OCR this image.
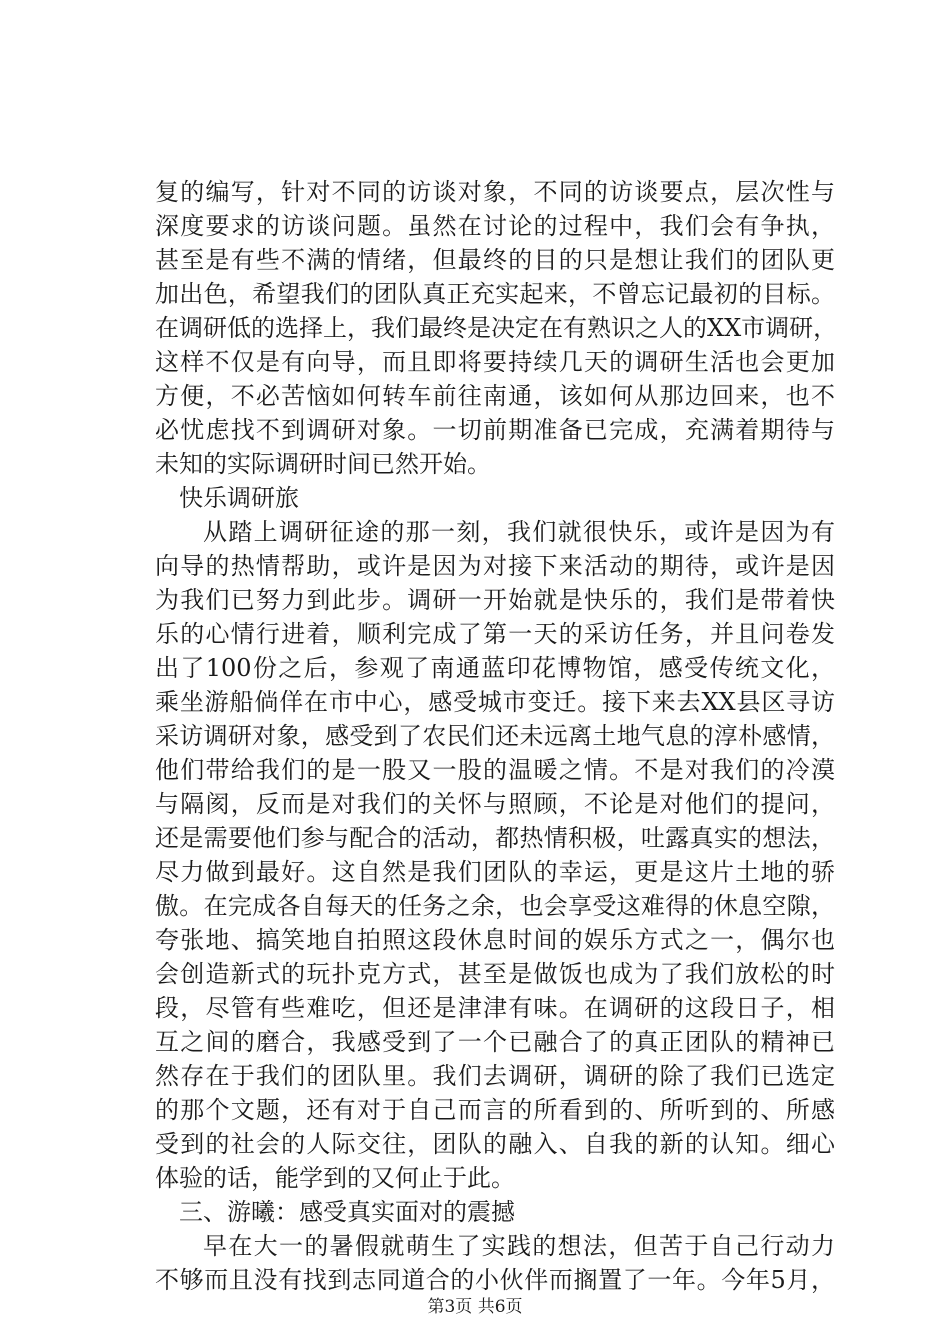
复的编写，针对不同的访谈对象，不同的访谈要点，层次性与
深度要求的访谈问题。虽然在讨论的过程中，我们会有争执，
甚至是有些不满的情绪，但最终的目的只是想让我们的团队更
加出色，希望我们的团队真正充实起来，不曾忘记最初的目标。
在调研低的选择上，我们最终是决定在有熟识之人的XX市调研，
这样不仅是有向导，而且即将要持续几天的调研生活也会更加
方便，不必苦恼如何转车前往南通，该如何从那边回来，也不
必忧虑找不到调研对象。一切前期准备已完成，充满着期待与
未知的实际调研时间已然开始。
快乐调研旅
从踏上调研征途的那一刻，我们就很快乐，或许是因为有
向导的热情帮助，或许是因为对接下来活动的期待，或许是因
为我们已努力到此步。调研一开始就是快乐的，我们是带着快
乐的心情行进着，顺利完成了第一天的采访任务，并且问卷发
出了100份之后，参观了南通蓝印花博物馆，感受传统文化，
乘坐游船倘佯在市中心，感受城市变迁。接下来去XX县区寻访
采访调研对象，感受到了农民们还未远离土地气息的淳朴感情，
他们带给我们的是一股又一股的温暖之情。不是对我们的冷漠
与隔阂，反而是对我们的关怀与照顾，不论是对他们的提问，
还是需要他们参与配合的活动，都热情积极，吐露真实的想法，
尽力做到最好。这自然是我们团队的幸运，更是这片土地的骄
傲。在完成各自每天的任务之余，也会享受这难得的休息空隙，
夸张地、搞笑地自拍照这段休息时间的娱乐方式之一，偶尔也
会创造新式的玩扑克方式，甚至是做饭也成为了我们放松的时
段，尽管有些难吃，但还是津津有味。在调研的这段日子，相
互之间的磨合，我感受到了一个已融合了的真正团队的精神已
然存在于我们的团队里。我们去调研，调研的除了我们已选定
的那个文题，还有对于自己而言的所看到的、所听到的、所感
受到的社会的人际交往，团队的融入、自我的新的认知。细心
体验的话，能学到的又何止于此。
三、游曦：感受真实面对的震撼
早在大一的暑假就萌生了实践的想法，但苦于自己行动力
不够而且没有找到志同道合的小伙伴而搁置了一年。今年5月，
第3页 共6页
